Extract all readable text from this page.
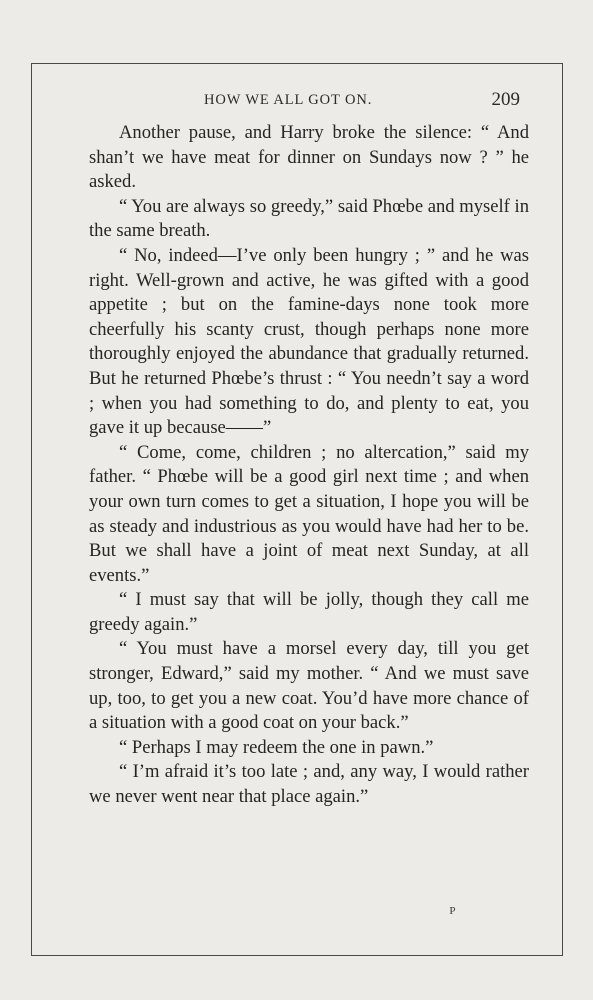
HOW WE ALL GOT ON.	209

Another pause, and Harry broke the silence: “ And shan’t we have meat for dinner on Sundays now ? ” he asked.

“ You are always so greedy,” said Phœbe and myself in the same breath.

“ No, indeed—I’ve only been hungry ; ” and he was right. Well-grown and active, he was gifted with a good appetite ; but on the famine-days none took more cheerfully his scanty crust, though perhaps none more thoroughly enjoyed the abundance that gradually returned. But he returned Phœbe’s thrust : “ You needn’t say a word ; when you had something to do, and plenty to eat, you gave it up because——”

“ Come, come, children ; no altercation,” said my father. “ Phœbe will be a good girl next time ; and when your own turn comes to get a situation, I hope you will be as steady and industrious as you would have had her to be. But we shall have a joint of meat next Sunday, at all events.”

“ I must say that will be jolly, though they call me greedy again.”

“ You must have a morsel every day, till you get stronger, Edward,” said my mother. “ And we must save up, too, to get you a new coat. You’d have more chance of a situation with a good coat on your back.”

“ Perhaps I may redeem the one in pawn.”

“ I’m afraid it’s too late ; and, any way, I would rather we never went near that place again.”

P
